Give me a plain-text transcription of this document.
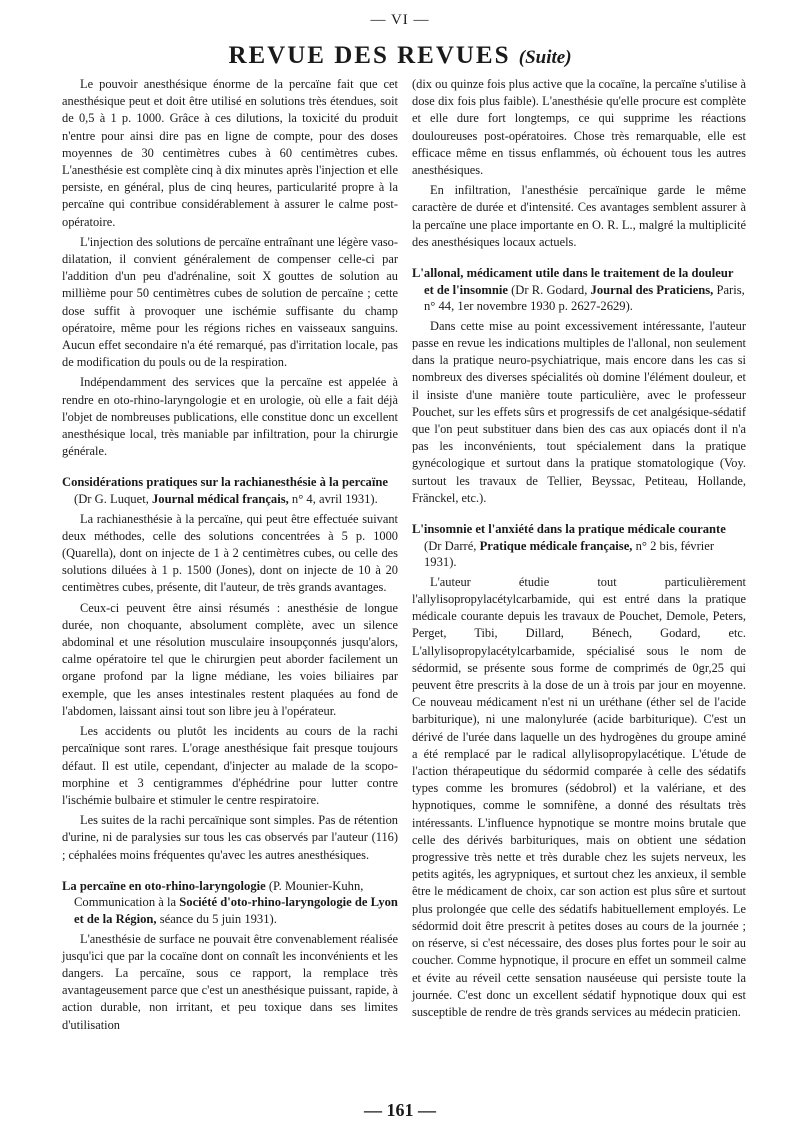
— VI —
REVUE DES REVUES (Suite)

Le pouvoir anesthésique énorme de la percaïne fait que cet anesthésique peut et doit être utilisé en solutions très étendues, soit de 0,5 à 1 p. 1000. Grâce à ces dilutions, la toxicité du produit n'entre pour ainsi dire pas en ligne de compte, pour des doses moyennes de 30 centimètres cubes à 60 centimètres cubes. L'anesthésie est complète cinq à dix minutes après l'injection et elle persiste, en général, plus de cinq heures, particularité propre à la percaïne qui contribue considérablement à assurer le calme post-opératoire.

L'injection des solutions de percaïne entraînant une légère vaso-dilatation, il convient généralement de compenser celle-ci par l'addition d'un peu d'adrénaline, soit X gouttes de solution au millième pour 50 centimètres cubes de solution de percaïne ; cette dose suffit à provoquer une ischémie suffisante du champ opératoire, même pour les régions riches en vaisseaux sanguins. Aucun effet secondaire n'a été remarqué, pas d'irritation locale, pas de modification du pouls ou de la respiration.

Indépendamment des services que la percaïne est appelée à rendre en oto-rhino-laryngologie et en urologie, où elle a fait déjà l'objet de nombreuses publications, elle constitue donc un excellent anesthésique local, très maniable par infiltration, pour la chirurgie générale.

Considérations pratiques sur la rachianesthésie à la percaïne (Dr G. Luquet, Journal médical français, n° 4, avril 1931).

La rachianesthésie à la percaïne, qui peut être effectuée suivant deux méthodes, celle des solutions concentrées à 5 p. 1000 (Quarella), dont on injecte de 1 à 2 centimètres cubes, ou celle des solutions diluées à 1 p. 1500 (Jones), dont on injecte de 10 à 20 centimètres cubes, présente, dit l'auteur, de très grands avantages.

Ceux-ci peuvent être ainsi résumés : anesthésie de longue durée, non choquante, absolument complète, avec un silence abdominal et une résolution musculaire insoupçonnés jusqu'alors, calme opératoire tel que le chirurgien peut aborder facilement un organe profond par la ligne médiane, les voies biliaires par exemple, que les anses intestinales restent plaquées au fond de l'abdomen, laissant ainsi tout son libre jeu à l'opérateur.

Les accidents ou plutôt les incidents au cours de la rachi percaïnique sont rares. L'orage anesthésique fait presque toujours défaut. Il est utile, cependant, d'injecter au malade de la scopo-morphine et 3 centigrammes d'éphédrine pour lutter contre l'ischémie bulbaire et stimuler le centre respiratoire.

Les suites de la rachi percaïnique sont simples. Pas de rétention d'urine, ni de paralysies sur tous les cas observés par l'auteur (116) ; céphalées moins fréquentes qu'avec les autres anesthésiques.

La percaïne en oto-rhino-laryngologie (P. Mounier-Kuhn, Communication à la Société d'oto-rhino-laryngologie de Lyon et de la Région, séance du 5 juin 1931).

L'anesthésie de surface ne pouvait être convenablement réalisée jusqu'ici que par la cocaïne dont on connaît les inconvénients et les dangers. La percaïne, sous ce rapport, la remplace très avantageusement parce que c'est un anesthésique puissant, rapide, à action durable, non irritant, et peu toxique dans ses limites d'utilisation

(dix ou quinze fois plus active que la cocaïne, la percaïne s'utilise à dose dix fois plus faible). L'anesthésie qu'elle procure est complète et elle dure fort longtemps, ce qui supprime les réactions douloureuses post-opératoires. Chose très remarquable, elle est efficace même en tissus enflammés, où échouent tous les autres anesthésiques.

En infiltration, l'anesthésie percaïnique garde le même caractère de durée et d'intensité. Ces avantages semblent assurer à la percaïne une place importante en O. R. L., malgré la multiplicité des anesthésiques locaux actuels.

L'allonal, médicament utile dans le traitement de la douleur et de l'insomnie (Dr R. Godard, Journal des Praticiens, Paris, n° 44, 1er novembre 1930 p. 2627-2629).

Dans cette mise au point excessivement intéressante, l'auteur passe en revue les indications multiples de l'allonal, non seulement dans la pratique neuro-psychiatrique, mais encore dans les cas si nombreux des diverses spécialités où domine l'élément douleur, et il insiste d'une manière toute particulière, avec le professeur Pouchet, sur les effets sûrs et progressifs de cet analgésique-sédatif que l'on peut substituer dans bien des cas aux opiacés dont il n'a pas les inconvénients, tout spécialement dans la pratique gynécologique et surtout dans la pratique stomatologique (Voy. surtout les travaux de Tellier, Beyssac, Petiteau, Hollande, Fränckel, etc.).

L'insomnie et l'anxiété dans la pratique médicale courante (Dr Darré, Pratique médicale française, n° 2 bis, février 1931).

L'auteur étudie tout particulièrement l'allylisopropylacétylcarbamide, qui est entré dans la pratique médicale courante depuis les travaux de Pouchet, Demole, Peters, Perget, Tibi, Dillard, Bénech, Godard, etc. L'allylisopropylacétylcarbamide, spécialisé sous le nom de sédormid, se présente sous forme de comprimés de 0gr,25 qui peuvent être prescrits à la dose de un à trois par jour en moyenne. Ce nouveau médicament n'est ni un uréthane (éther sel de l'acide barbiturique), ni une malonylurée (acide barbiturique). C'est un dérivé de l'urée dans laquelle un des hydrogènes du groupe aminé a été remplacé par le radical allylisopropylacétique. L'étude de l'action thérapeutique du sédormid comparée à celle des sédatifs types comme les bromures (sédobrol) et la valériane, et des hypnotiques, comme le somnifène, a donné des résultats très intéressants. L'influence hypnotique se montre moins brutale que celle des dérivés barbituriques, mais on obtient une sédation progressive très nette et très durable chez les sujets nerveux, les petits agités, les agrypniques, et surtout chez les anxieux, il semble être le médicament de choix, car son action est plus sûre et surtout plus prolongée que celle des sédatifs habituellement employés. Le sédormid doit être prescrit à petites doses au cours de la journée ; on réserve, si c'est nécessaire, des doses plus fortes pour le soir au coucher. Comme hypnotique, il procure en effet un sommeil calme et évite au réveil cette sensation nauséeuse qui persiste toute la journée. C'est donc un excellent sédatif hypnotique doux qui est susceptible de rendre de très grands services au médecin praticien.

— 161 —
